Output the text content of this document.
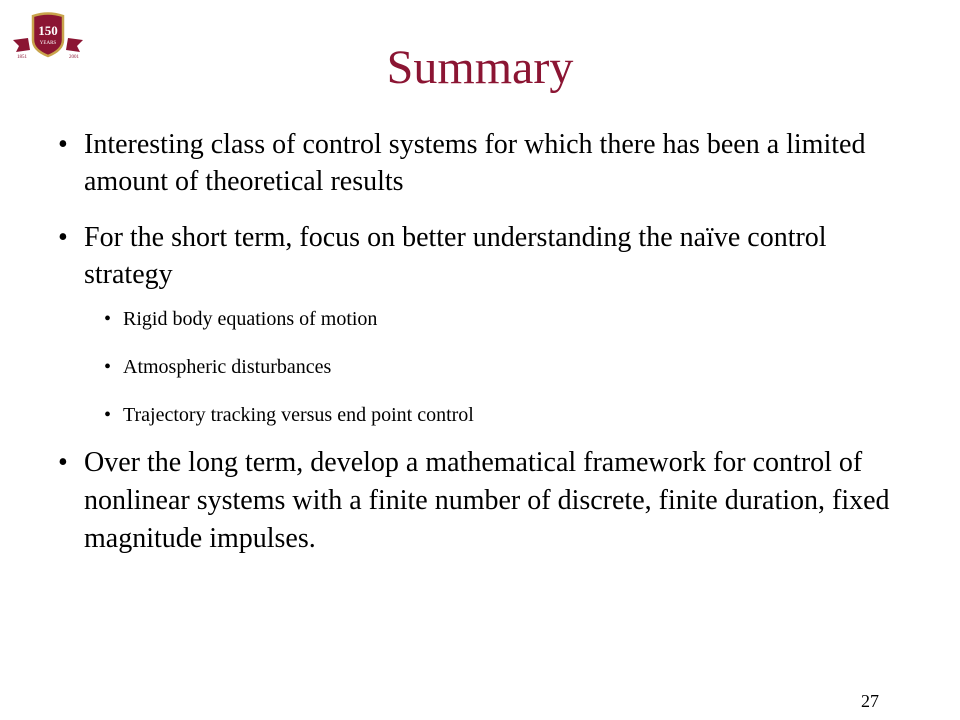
150
YEARS
1851	2001	Summary
• Interesting class of control systems for which there has been a limited amount of theoretical results
• For the short term, focus on better understanding the naïve control strategy
• Rigid body equations of motion
• Atmospheric disturbances
• Trajectory tracking versus end point control
• Over the long term, develop a mathematical framework for control of nonlinear systems with a finite number of discrete, finite duration, fixed magnitude impulses.
27
